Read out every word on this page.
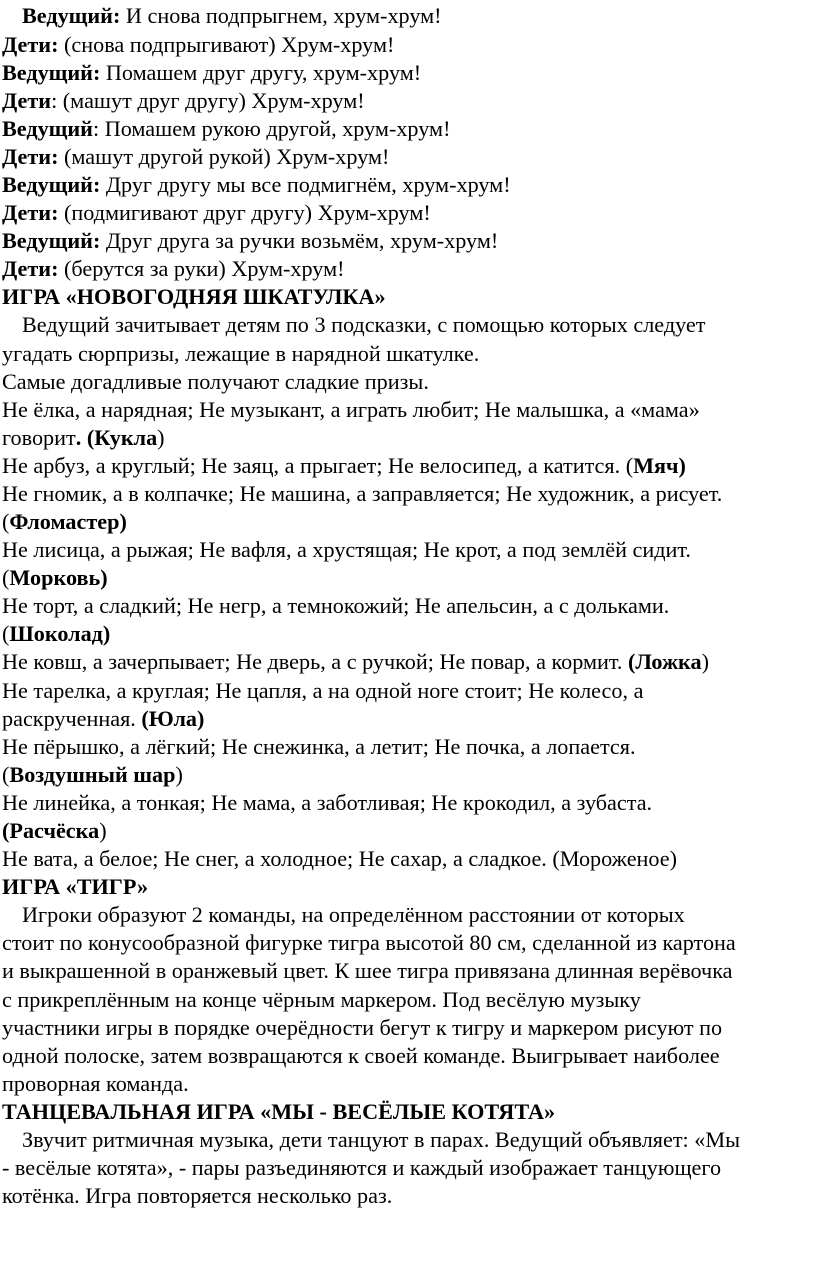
Ведущий: И снова подпрыгнем, хрум-хрум!
Дети: (снова подпрыгивают) Хрум-хрум!
Ведущий: Помашем друг другу, хрум-хрум!
Дети: (машут друг другу) Хрум-хрум!
Ведущий: Помашем рукою другой, хрум-хрум!
Дети: (машут другой рукой) Хрум-хрум!
Ведущий: Друг другу мы все подмигнём, хрум-хрум!
Дети: (подмигивают друг другу) Хрум-хрум!
Ведущий: Друг друга за ручки возьмём, хрум-хрум!
Дети: (берутся за руки) Хрум-хрум!
ИГРА «НОВОГОДНЯЯ ШКАТУЛКА»
Ведущий зачитывает детям по 3 подсказки, с помощью которых следует
угадать сюрпризы, лежащие в нарядной шкатулке.
Самые догадливые получают сладкие призы.
Не ёлка, а нарядная; Не музыкант, а играть любит; Не малышка, а «мама»
говорит. (Кукла)
Не арбуз, а круглый; Не заяц, а прыгает; Не велосипед, а катится. (Мяч)
Не гномик, а в колпачке; Не машина, а заправляется; Не художник, а рисует.
(Фломастер)
Не лисица, а рыжая; Не вафля, а хрустящая; Не крот, а под землёй сидит.
(Морковь)
Не торт, а сладкий; Не негр, а темнокожий; Не апельсин, а с дольками.
(Шоколад)
Не ковш, а зачерпывает; Не дверь, а с ручкой; Не повар, а кормит. (Ложка)
Не тарелка, а круглая; Не цапля, а на одной ноге стоит; Не колесо, а
раскрученная. (Юла)
Не пёрышко, а лёгкий; Не снежинка, а летит; Не почка, а лопается.
(Воздушный шар)
Не линейка, а тонкая; Не мама, а заботливая; Не крокодил, а зубаста.
(Расчёска)
Не вата, а белое; Не снег, а холодное; Не сахар, а сладкое. (Мороженое)
ИГРА «ТИГР»
Игроки образуют 2 команды, на определённом расстоянии от которых
стоит по конусообразной фигурке тигра высотой 80 см, сделанной из картона
и выкрашенной в оранжевый цвет. К шее тигра привязана длинная верёвочка
с прикреплённым на конце чёрным маркером. Под весёлую музыку
участники игры в порядке очерёдности бегут к тигру и маркером рисуют по
одной полоске, затем возвращаются к своей команде. Выигрывает наиболее
проворная команда.
ТАНЦЕВАЛЬНАЯ ИГРА «МЫ - ВЕСЁЛЫЕ КОТЯТА»
Звучит ритмичная музыка, дети танцуют в парах. Ведущий объявляет: «Мы
- весёлые котята», - пары разъединяются и каждый изображает танцующего
котёнка. Игра повторяется несколько раз.
